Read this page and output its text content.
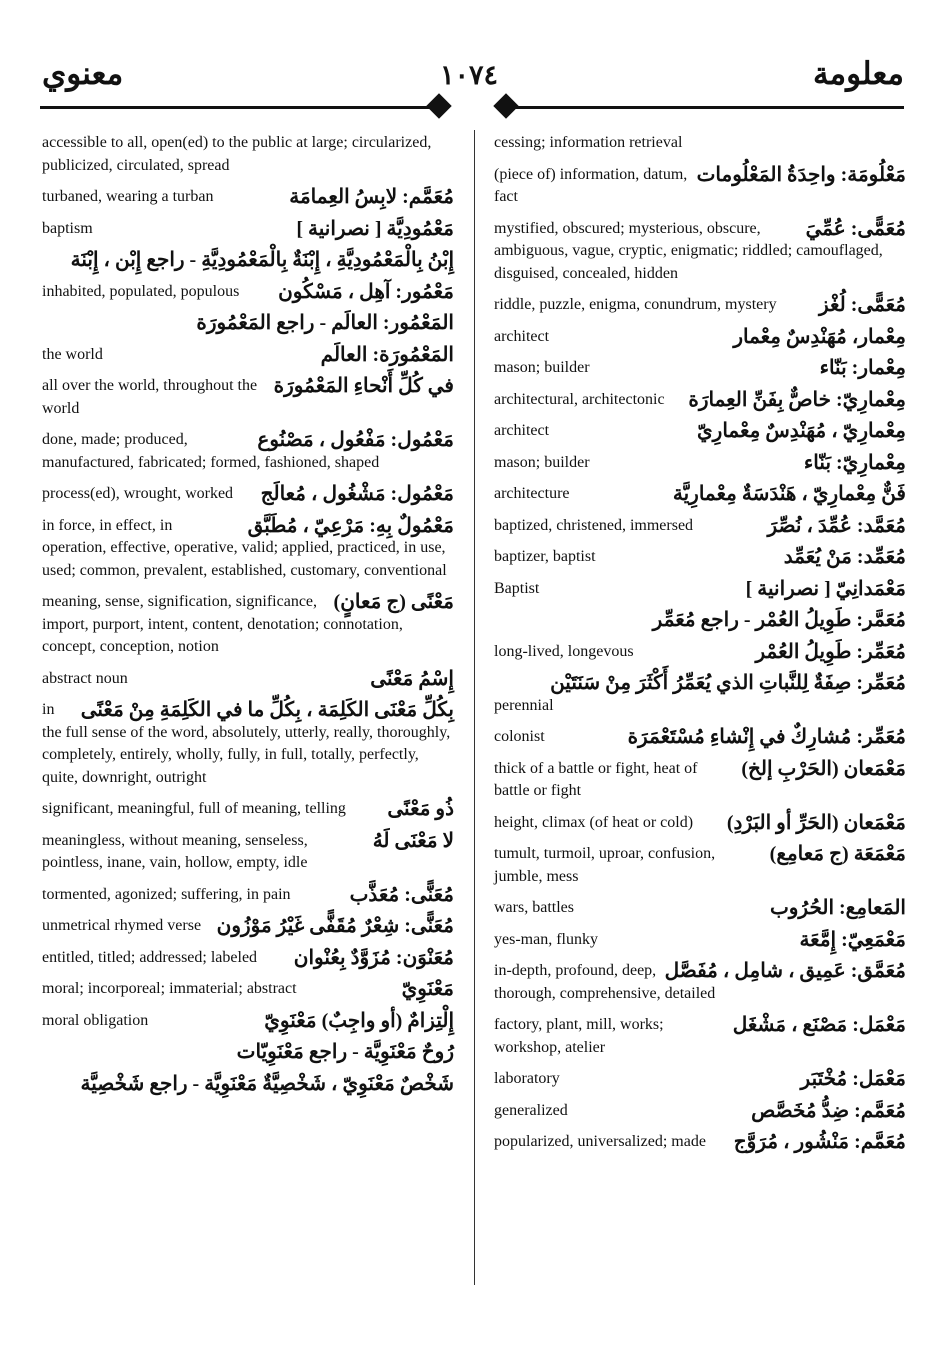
معنوي	١٠٧٤	معلومة
accessible to all, open(ed) to the public at large; circularized, publicized, circulated, spread
مُعَمَّم: لابِسُ العِمامَة
turbaned, wearing a turban
مَعْمُودِيَّة [ نصرانية ]
baptism
إِبْنُ بِالْمَعْمُودِيَّةِ ، إِبْنَةٌ بِالْمَعْمُودِيَّةِ - راجع إِبْن ، إِبْنَة
مَعْمُور: آهِل ، مَسْكُون
inhabited, populated, populous
المَعْمُور: العالَم - راجع المَعْمُورَة
المَعْمُورَة: العالَم
the world
في كُلِّ أَنْحاءِ المَعْمُورَة
all over the world, throughout the world
مَعْمُول: مَفْعُول ، مَصْنُوع
done, made; produced, manufactured, fabricated; formed, fashioned, shaped
مَعْمُول: مَشْغُول ، مُعالَج
process(ed), wrought, worked
مَعْمُولٌ بِهِ: مَرْعِيّ ، مُطَبَّق
in force, in effect, in operation, effective, operative, valid; applied, practiced, in use, used; common, prevalent, established, customary, conventional
مَعْنًى (ج مَعانٍ)
meaning, sense, signification, significance, import, purport, intent, content, denotation; connotation, concept, conception, notion
إِسْمُ مَعْنًى
abstract noun
بِكُلِّ مَعْنَى الكَلِمَة ، بِكُلِّ ما في الكَلِمَةِ مِنْ مَعْنًى
in the full sense of the word, absolutely, utterly, really, thoroughly, completely, entirely, wholly, fully, in full, totally, perfectly, quite, downright, outright
ذُو مَعْنًى
significant, meaningful, full of meaning, telling
لا مَعْنَى لَهُ
meaningless, without meaning, senseless, pointless, inane, vain, hollow, empty, idle
مُعَنًّى: مُعَذَّب
tormented, agonized; suffering, in pain
مُعَنًّى: شِعْرٌ مُقَفًّى غَيْرُ مَوْزُون
unmetrical rhymed verse
مُعَنْوَن: مُزَوَّدٌ بِعُنْوان
entitled, titled; addressed; labeled
مَعْنَوِيّ
moral; incorporeal; immaterial; abstract
إِلْتِزامٌ (أو واجِبٌ) مَعْنَوِيّ
moral obligation
رُوحٌ مَعْنَوِيَّة - راجع مَعْنَوِيّات
شَخْصٌ مَعْنَوِيّ ، شَخْصِيَّةٌ مَعْنَوِيَّة - راجع شَخْصِيَّة
cessing; information retrieval
مَعْلُومَة: واحِدَةُ المَعْلُومات
(piece of) information, datum, fact
مُعَمًّى: عُمِّيَ
mystified, obscured; mysterious, obscure, ambiguous, vague, cryptic, enigmatic; riddled; camouflaged, disguised, concealed, hidden
مُعَمًّى: لُغْز
riddle, puzzle, enigma, conundrum, mystery
مِعْمار، مُهَنْدِسٌ مِعْمار
architect
مِعْمار: بَنّاء
mason; builder
مِعْمارِيّ: خاصٌّ بِفَنِّ العِمارَة
architectural, architectonic
مِعْمارِيّ ، مُهَنْدِسٌ مِعْمارِيّ
architect
مِعْمارِيّ: بَنّاء
mason; builder
فَنٌّ مِعْمارِيّ ، هَنْدَسَةٌ مِعْمارِيَّة
architecture
مُعَمَّد: عُمِّدَ ، نُصِّرَ
baptized, christened, immersed
مُعَمِّد: مَنْ يُعَمِّد
baptizer, baptist
مَعْمَدانِيّ [ نصرانية ]
Baptist
مُعَمَّر: طَوِيلُ العُمْر - راجع مُعَمِّر
مُعَمِّر: طَوِيلُ العُمْر
long-lived, longevous
مُعَمِّر: صِفَةٌ لِلنَّباتِ الذي يُعَمِّرُ أَكْثَرَ مِنْ سَنَتَيْن
perennial
مُعَمِّر: مُشارِكٌ في إِنْشاءِ مُسْتَعْمَرَة
colonist
مَعْمَعان (الحَرْبِ إلخ)
thick of a battle or fight, heat of battle or fight
مَعْمَعان (الحَرِّ أو البَرْدِ)
height, climax (of heat or cold)
مَعْمَعَة (ج مَعامِع)
tumult, turmoil, uproar, confusion, jumble, mess
المَعامِع: الحُرُوب
wars, battles
مَعْمَعِيّ: إِمَّعَة
yes-man, flunky
مُعَمَّق: عَمِيق ، شامِل ، مُفَصَّل
in-depth, profound, deep, thorough, comprehensive, detailed
مَعْمَل: مَصْنَع ، مَشْغَل
factory, plant, mill, works; workshop, atelier
مَعْمَل: مُخْتَبَر
laboratory
مُعَمَّم: ضِدُّ مُخَصَّص
generalized
مُعَمَّم: مَنْشُور ، مُرَوَّج
popularized, universalized; made
